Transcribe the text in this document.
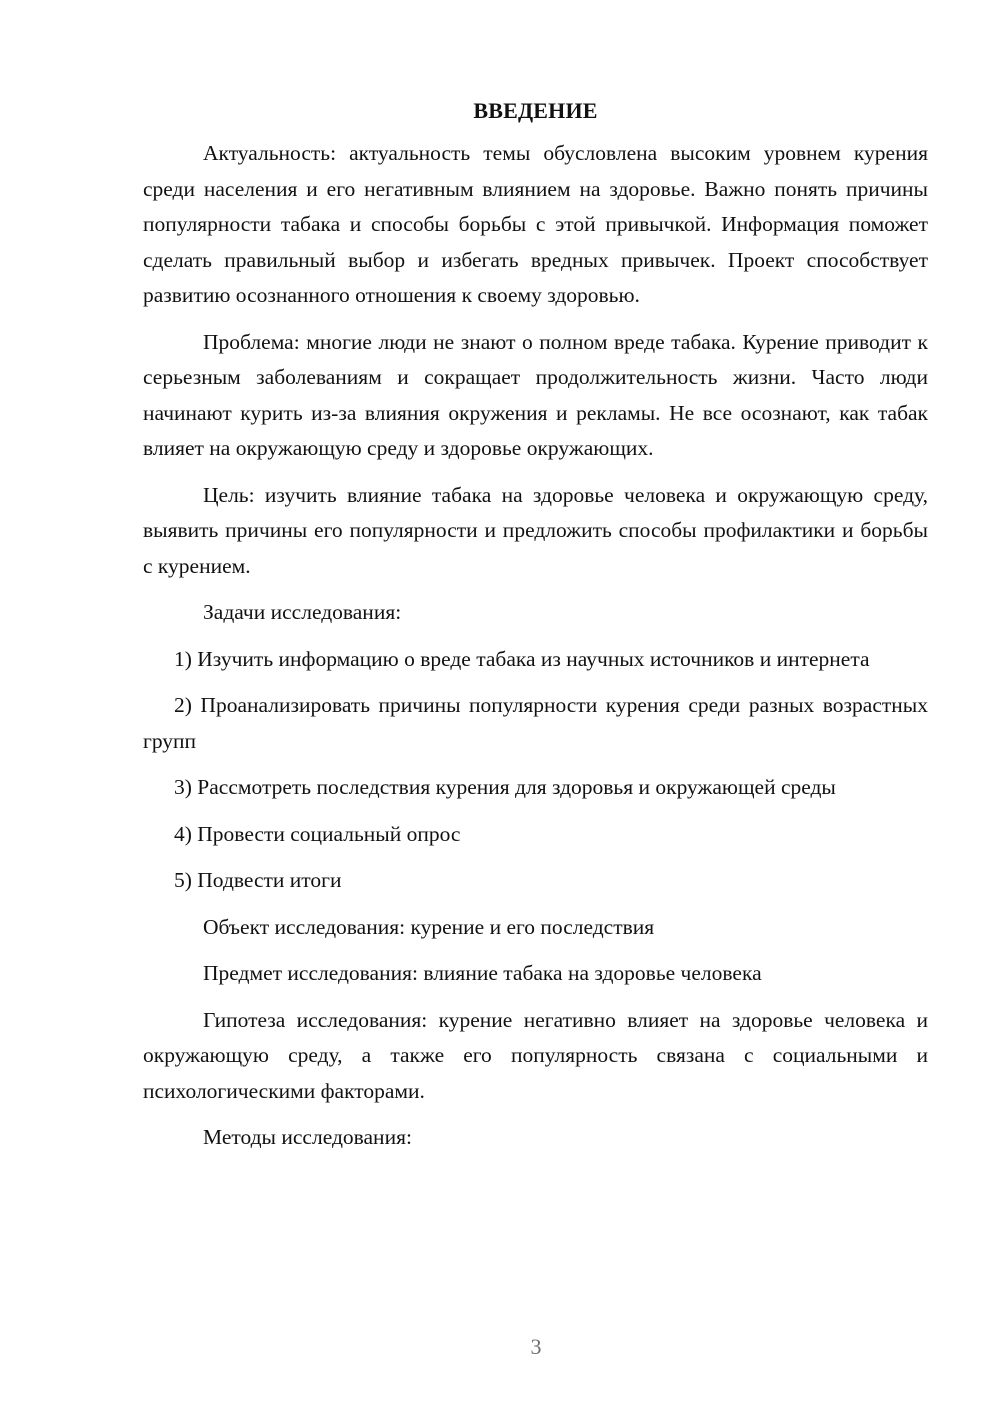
ВВЕДЕНИЕ

Актуальность: актуальность темы обусловлена высоким уровнем курения среди населения и его негативным влиянием на здоровье. Важно понять причины популярности табака и способы борьбы с этой привычкой. Информация поможет сделать правильный выбор и избегать вредных привычек. Проект способствует развитию осознанного отношения к своему здоровью.

Проблема: многие люди не знают о полном вреде табака. Курение приводит к серьезным заболеваниям и сокращает продолжительность жизни. Часто люди начинают курить из-за влияния окружения и рекламы. Не все осознают, как табак влияет на окружающую среду и здоровье окружающих.

Цель: изучить влияние табака на здоровье человека и окружающую среду, выявить причины его популярности и предложить способы профилактики и борьбы с курением.

Задачи исследования:

1) Изучить информацию о вреде табака из научных источников и интернета

2) Проанализировать причины популярности курения среди разных возрастных групп

3) Рассмотреть последствия курения для здоровья и окружающей среды

4) Провести социальный опрос

5) Подвести итоги

Объект исследования: курение и его последствия

Предмет исследования: влияние табака на здоровье человека

Гипотеза исследования: курение негативно влияет на здоровье человека и окружающую среду, а также его популярность связана с социальными и психологическими факторами.

Методы исследования:

3
